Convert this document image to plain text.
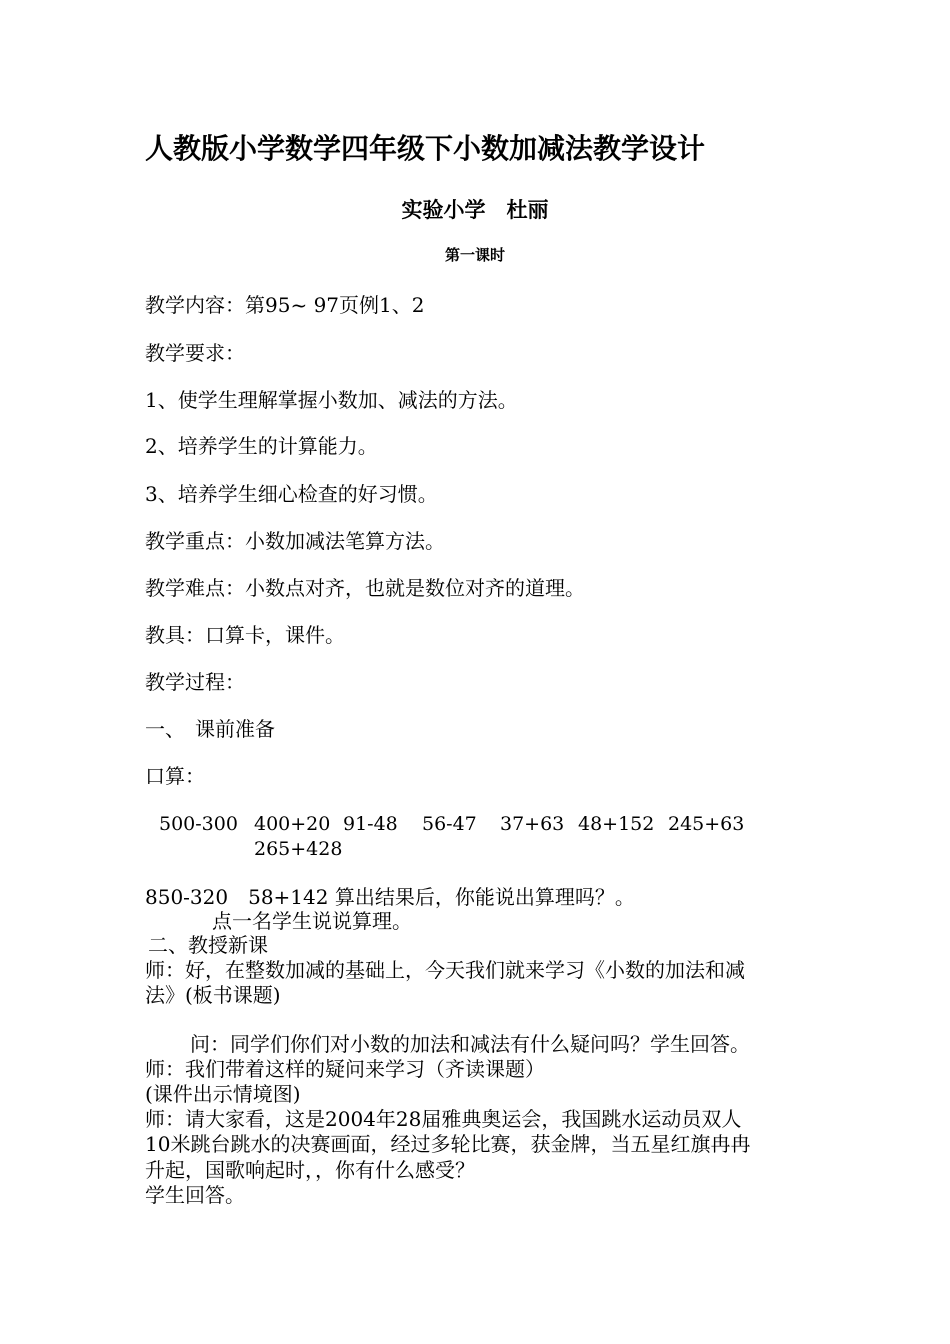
人教版小学数学四年级下小数加减法教学设计
实验小学　杜丽
第一课时
教学内容：第95~ 97页例1、2
教学要求：
1、使学生理解掌握小数加、减法的方法。
2、培养学生的计算能力。
3、培养学生细心检查的好习惯。
教学重点：小数加减法笔算方法。
教学难点：小数点对齐，也就是数位对齐的道理。
教具：口算卡，课件。
教学过程：
一、　课前准备
口算：
500-300 400+20 91-48 56-47 37+63 48+152 245+63
265+428
850-320　58+142 算出结果后，你能说出算理吗？。
点一名学生说说算理。
二、教授新课
师：好，在整数加减的基础上，今天我们就来学习《小数的加法和减
法》(板书课题)
问：同学们你们对小数的加法和减法有什么疑问吗？学生回答。
师：我们带着这样的疑问来学习（齐读课题）
(课件出示情境图)
师：请大家看，这是2004年28届雅典奥运会，我国跳水运动员双人
10米跳台跳水的决赛画面，经过多轮比赛，获金牌，当五星红旗冉冉
升起，国歌响起时，，你有什么感受？
学生回答。
